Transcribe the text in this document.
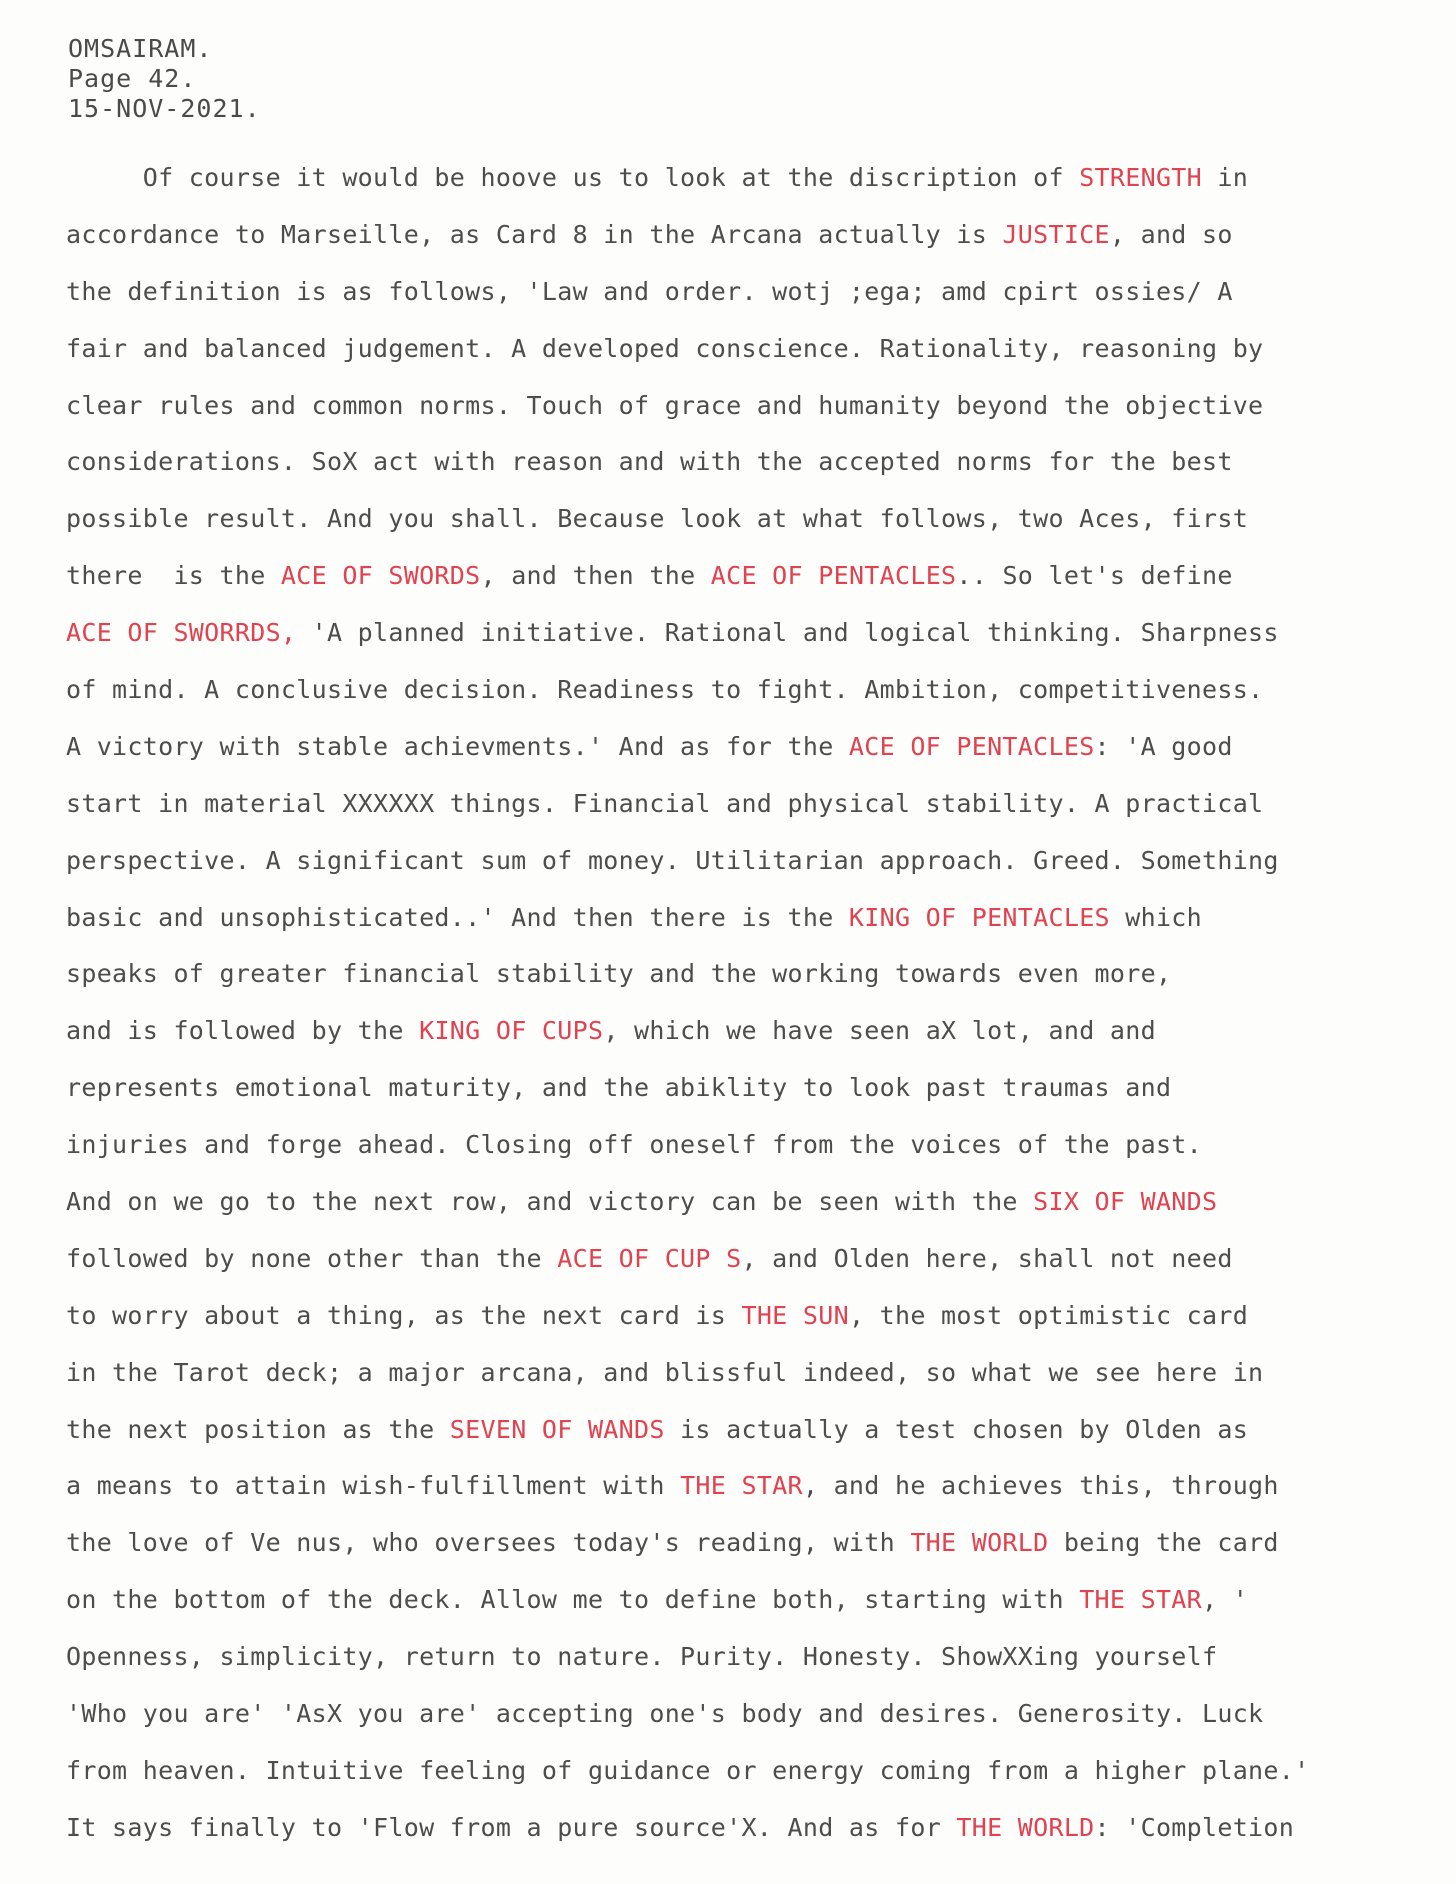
OMSAIRAM.
Page 42.
15-NOV-2021.
Of course it would be hoove us to look at the discription of STRENGTH in
accordance to Marseille, as Card 8 in the Arcana actually is JUSTICE, and so
the definition is as follows, 'Law and order. wotj ;ega; amd cpirt ossies/ A
fair and balanced judgement. A developed conscience. Rationality, reasoning by
clear rules and common norms. Touch of grace and humanity beyond the objective
considerations. SoX act with reason and with the accepted norms for the best
possible result. And you shall. Because look at what follows, two Aces, first
there  is the ACE OF SWORDS, and then the ACE OF PENTACLES.. So let's define
ACE OF SWORRDS, 'A planned initiative. Rational and logical thinking. Sharpness
of mind. A conclusive decision. Readiness to fight. Ambition, competitiveness.
A victory with stable achievments.' And as for the ACE OF PENTACLES: 'A good
start in material XXXXXX things. Financial and physical stability. A practical
perspective. A significant sum of money. Utilitarian approach. Greed. Something
basic and unsophisticated..' And then there is the KING OF PENTACLES which
speaks of greater financial stability and the working towards even more,
and is followed by the KING OF CUPS, which we have seen aX lot, and and
represents emotional maturity, and the abiklity to look past traumas and
injuries and forge ahead. Closing off oneself from the voices of the past.
And on we go to the next row, and victory can be seen with the SIX OF WANDS
followed by none other than the ACE OF CUP S, and Olden here, shall not need
to worry about a thing, as the next card is THE SUN, the most optimistic card
in the Tarot deck; a major arcana, and blissful indeed, so what we see here in
the next position as the SEVEN OF WANDS is actually a test chosen by Olden as
a means to attain wish-fulfillment with THE STAR, and he achieves this, through
the love of Ve nus, who oversees today's reading, with THE WORLD being the card
on the bottom of the deck. Allow me to define both, starting with THE STAR, '
Openness, simplicity, return to nature. Purity. Honesty. ShowXXing yourself
'Who you are' 'AsX you are' accepting one's body and desires. Generosity. Luck
from heaven. Intuitive feeling of guidance or energy coming from a higher plane.'
It says finally to 'Flow from a pure source'X. And as for THE WORLD: 'Completion
